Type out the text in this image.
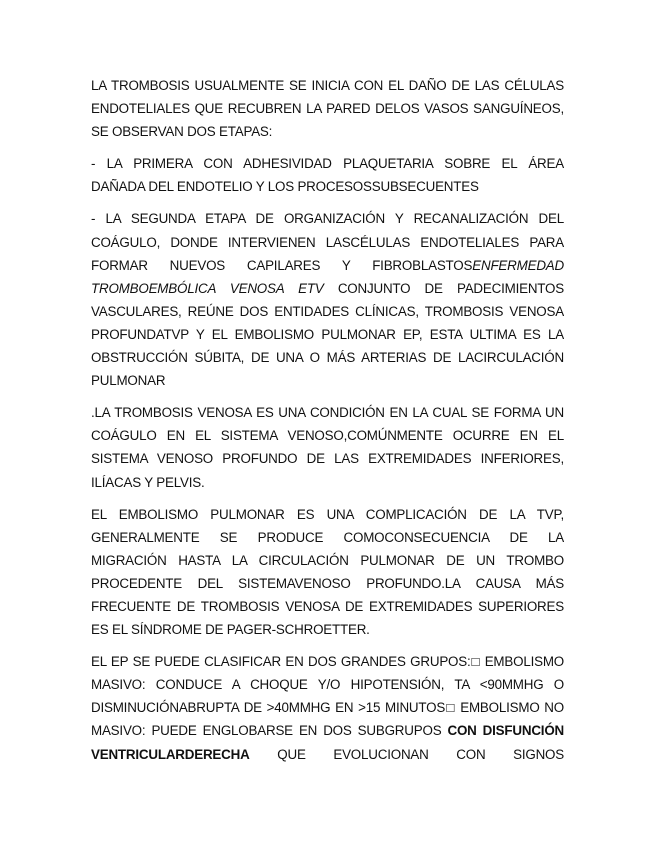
LA TROMBOSIS USUALMENTE SE INICIA CON EL DAÑO DE LAS CÉLULAS
ENDOTELIALES QUE RECUBREN LA PARED DELOS VASOS SANGUÍNEOS,
SE OBSERVAN DOS ETAPAS:

- LA PRIMERA CON ADHESIVIDAD PLAQUETARIA SOBRE EL ÁREA
DAÑADA DEL ENDOTELIO Y LOS PROCESOSSUBSECUENTES

- LA SEGUNDA ETAPA DE ORGANIZACIÓN Y RECANALIZACIÓN DEL
COÁGULO, DONDE INTERVIENEN LASCÉLULAS ENDOTELIALES PARA
FORMAR NUEVOS CAPILARES Y FIBROBLASTOSENFERMEDAD
TROMBOEMBÓLICA VENOSA ETV CONJUNTO DE PADECIMIENTOS
VASCULARES, REÚNE DOS ENTIDADES CLÍNICAS, TROMBOSIS VENOSA
PROFUNDATVP Y EL EMBOLISMO PULMONAR EP, ESTA ULTIMA ES LA
OBSTRUCCIÓN SÚBITA, DE UNA O MÁS ARTERIAS DE LACIRCULACIÓN
PULMONAR

.LA TROMBOSIS VENOSA ES UNA CONDICIÓN EN LA CUAL SE FORMA UN
COÁGULO EN EL SISTEMA VENOSO,COMÚNMENTE OCURRE EN EL
SISTEMA VENOSO PROFUNDO DE LAS EXTREMIDADES INFERIORES,
ILÍACAS Y PELVIS.

EL EMBOLISMO PULMONAR ES UNA COMPLICACIÓN DE LA TVP,
GENERALMENTE SE PRODUCE COMOCONSECUENCIA DE LA
MIGRACIÓN HASTA LA CIRCULACIÓN PULMONAR DE UN TROMBO
PROCEDENTE DEL SISTEMAVENOSO PROFUNDO.LA CAUSA MÁS
FRECUENTE DE TROMBOSIS VENOSA DE EXTREMIDADES SUPERIORES
ES EL SÍNDROME DE PAGER-SCHROETTER.

EL EP SE PUEDE CLASIFICAR EN DOS GRANDES GRUPOS:□ EMBOLISMO
MASIVO: CONDUCE A CHOQUE Y/O HIPOTENSIÓN, TA <90MMHG O
DISMINUCIÓNABRUPTA DE >40MMHG EN >15 MINUTOS□ EMBOLISMO NO
MASIVO: PUEDE ENGLOBARSE EN DOS SUBGRUPOS CON DISFUNCIÓN
VENTRICULARDERECHA QUE EVOLUCIONAN CON SIGNOS
